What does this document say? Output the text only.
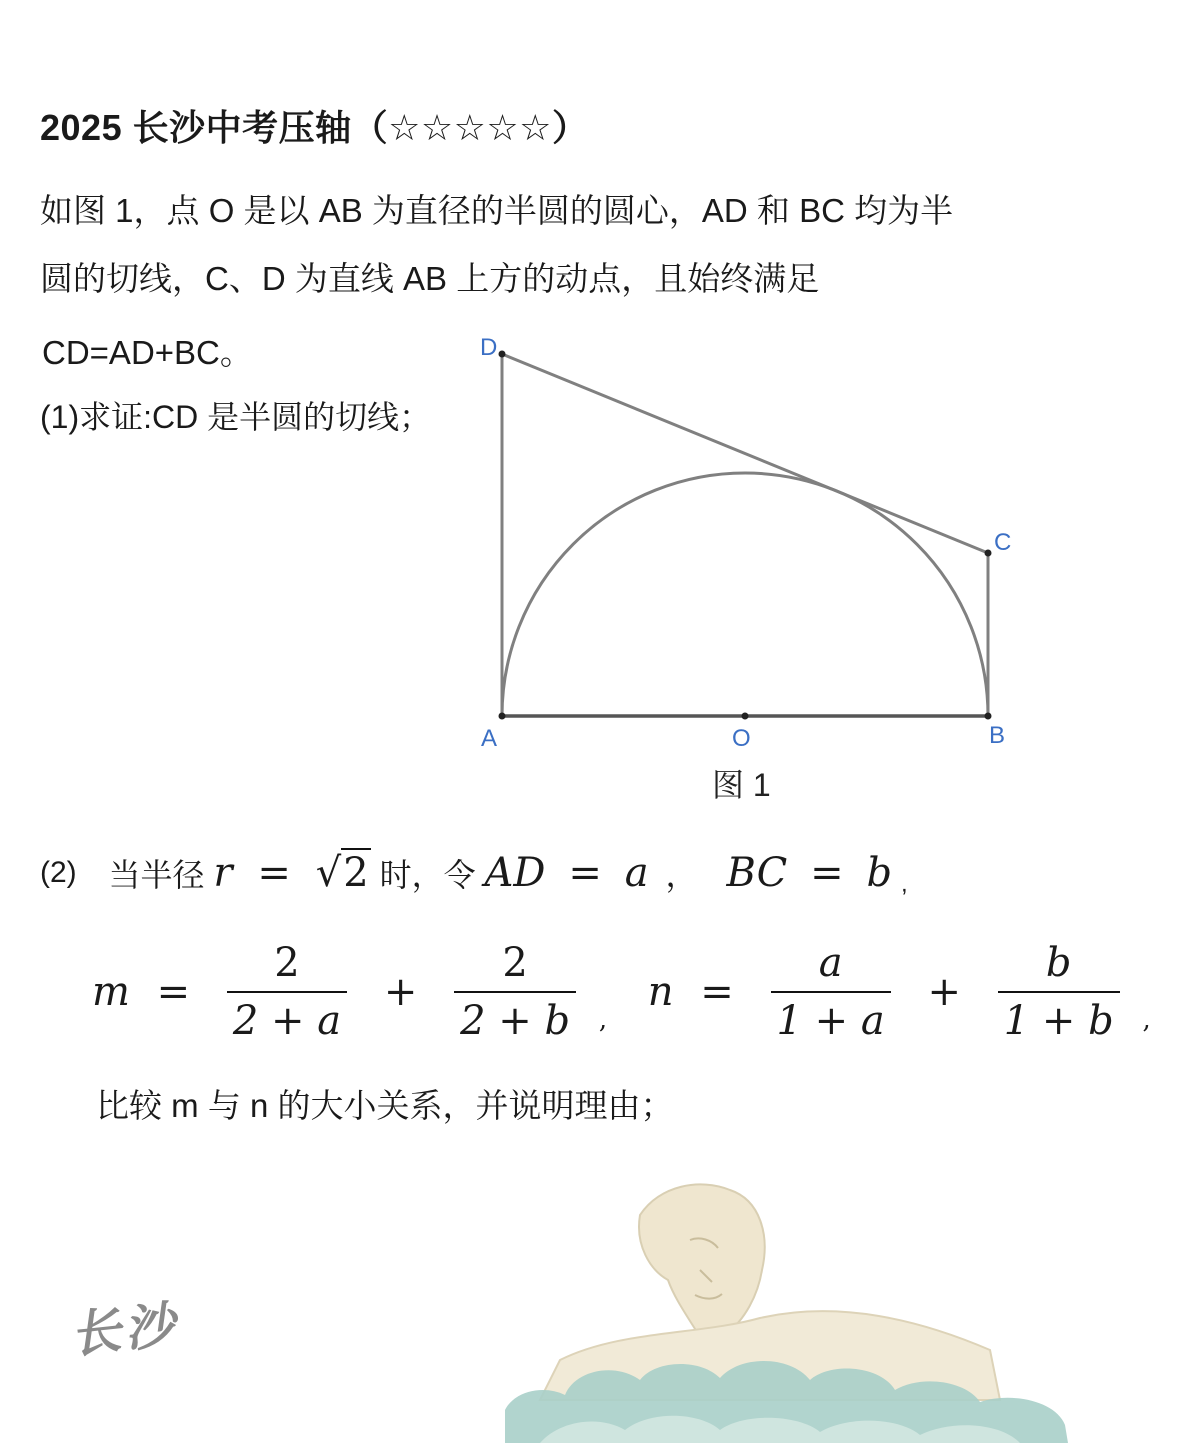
2025 长沙中考压轴（☆☆☆☆☆）
如图 1，点 O 是以 AB 为直径的半圆的圆心，AD 和 BC 均为半
圆的切线，C、D 为直线 AB 上方的动点，且始终满足
CD=AD+BC。
(1)求证:CD 是半圆的切线；
D
C
A	O	B
图 1
(2) 当半径 r = √2 时，令 AD = a ， BC = b $_,$
$m = \frac{2}{2 + a} + \frac{2}{2 + b}$ , $n = \frac{a}{1 + a} + \frac{b}{1 + b}$ ,
比较 m 与 n 的大小关系，并说明理由；
长沙
